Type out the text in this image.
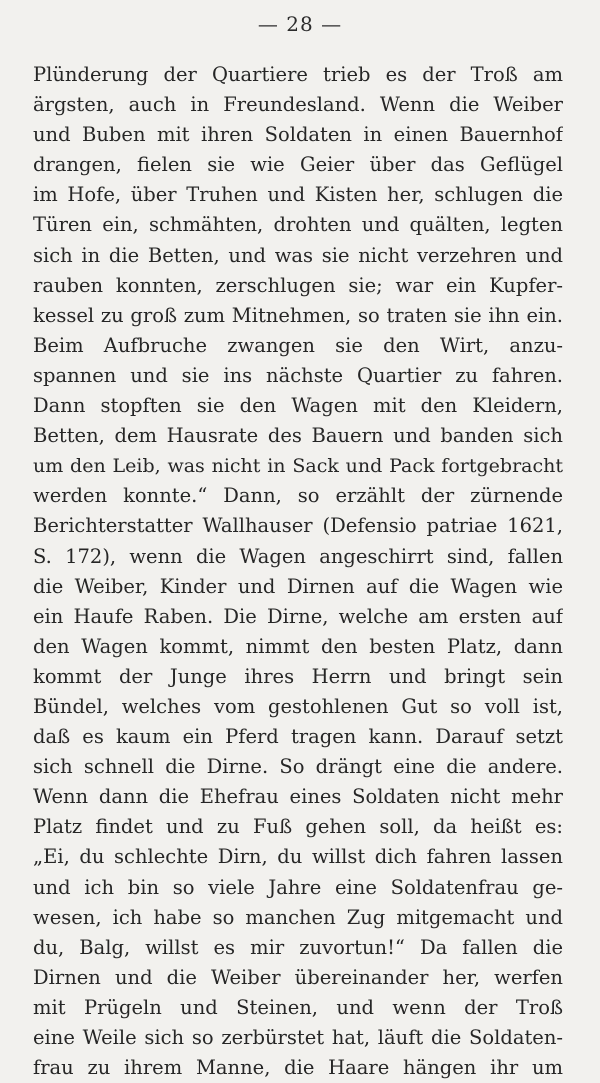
— 28 —
Plünderung der Quartiere trieb es der Troß am
ärgsten, auch in Freundesland. Wenn die Weiber
und Buben mit ihren Soldaten in einen Bauernhof
drangen, fielen sie wie Geier über das Geflügel
im Hofe, über Truhen und Kisten her, schlugen die
Türen ein, schmähten, drohten und quälten, legten
sich in die Betten, und was sie nicht verzehren und
rauben konnten, zerschlugen sie; war ein Kupfer-
kessel zu groß zum Mitnehmen, so traten sie ihn ein.
Beim Aufbruche zwangen sie den Wirt, anzu-
spannen und sie ins nächste Quartier zu fahren.
Dann stopften sie den Wagen mit den Kleidern,
Betten, dem Hausrate des Bauern und banden sich
um den Leib, was nicht in Sack und Pack fortgebracht
werden konnte.“ Dann, so erzählt der zürnende
Berichterstatter Wallhauser (Defensio patriae 1621,
S. 172), wenn die Wagen angeschirrt sind, fallen
die Weiber, Kinder und Dirnen auf die Wagen wie
ein Haufe Raben. Die Dirne, welche am ersten auf
den Wagen kommt, nimmt den besten Platz, dann
kommt der Junge ihres Herrn und bringt sein
Bündel, welches vom gestohlenen Gut so voll ist,
daß es kaum ein Pferd tragen kann. Darauf setzt
sich schnell die Dirne. So drängt eine die andere.
Wenn dann die Ehefrau eines Soldaten nicht mehr
Platz findet und zu Fuß gehen soll, da heißt es:
„Ei, du schlechte Dirn, du willst dich fahren lassen
und ich bin so viele Jahre eine Soldatenfrau ge-
wesen, ich habe so manchen Zug mitgemacht und
du, Balg, willst es mir zuvortun!“ Da fallen die
Dirnen und die Weiber übereinander her, werfen
mit Prügeln und Steinen, und wenn der Troß
eine Weile sich so zerbürstet hat, läuft die Soldaten-
frau zu ihrem Manne, die Haare hängen ihr um
